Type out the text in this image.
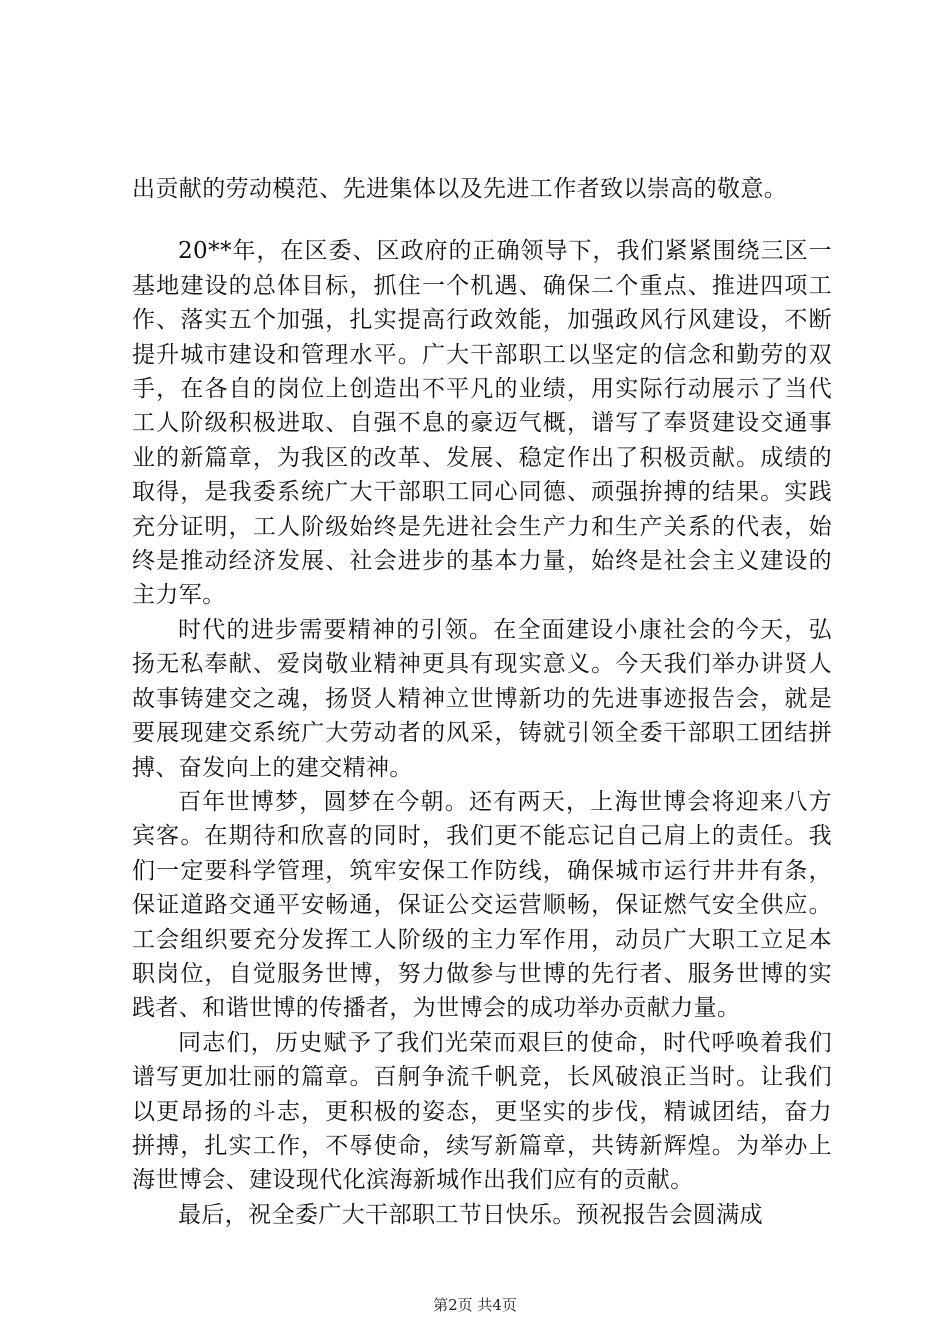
出贡献的劳动模范、先进集体以及先进工作者致以崇高的敬意。

20**年，在区委、区政府的正确领导下，我们紧紧围绕三区一基地建设的总体目标，抓住一个机遇、确保二个重点、推进四项工作、落实五个加强，扎实提高行政效能，加强政风行风建设，不断提升城市建设和管理水平。广大干部职工以坚定的信念和勤劳的双手，在各自的岗位上创造出不平凡的业绩，用实际行动展示了当代工人阶级积极进取、自强不息的豪迈气概，谱写了奉贤建设交通事业的新篇章，为我区的改革、发展、稳定作出了积极贡献。成绩的取得，是我委系统广大干部职工同心同德、顽强拚搏的结果。实践充分证明，工人阶级始终是先进社会生产力和生产关系的代表，始终是推动经济发展、社会进步的基本力量，始终是社会主义建设的主力军。

时代的进步需要精神的引领。在全面建设小康社会的今天，弘扬无私奉献、爱岗敬业精神更具有现实意义。今天我们举办讲贤人故事铸建交之魂，扬贤人精神立世博新功的先进事迹报告会，就是要展现建交系统广大劳动者的风采，铸就引领全委干部职工团结拼搏、奋发向上的建交精神。

百年世博梦，圆梦在今朝。还有两天，上海世博会将迎来八方宾客。在期待和欣喜的同时，我们更不能忘记自己肩上的责任。我们一定要科学管理，筑牢安保工作防线，确保城市运行井井有条，保证道路交通平安畅通，保证公交运营顺畅，保证燃气安全供应。工会组织要充分发挥工人阶级的主力军作用，动员广大职工立足本职岗位，自觉服务世博，努力做参与世博的先行者、服务世博的实践者、和谐世博的传播者，为世博会的成功举办贡献力量。

同志们，历史赋予了我们光荣而艰巨的使命，时代呼唤着我们谱写更加壮丽的篇章。百舸争流千帆竞，长风破浪正当时。让我们以更昂扬的斗志，更积极的姿态，更坚实的步伐，精诚团结，奋力拼搏，扎实工作，不辱使命，续写新篇章，共铸新辉煌。为举办上海世博会、建设现代化滨海新城作出我们应有的贡献。

最后，祝全委广大干部职工节日快乐。预祝报告会圆满成

第2页 共4页
